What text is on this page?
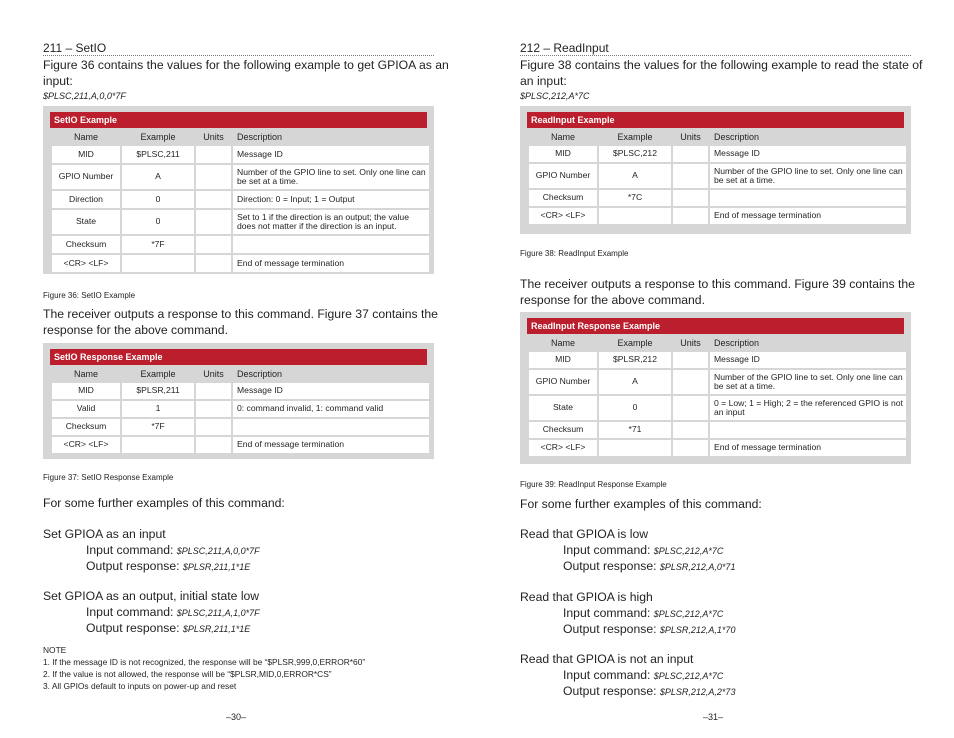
211 – SetIO
Figure 36 contains the values for the following example to get GPIOA as an
input:
$PLSC,211,A,0,0*7F
SetIO Example
Name	Example	Units	Description
MID	$PLSC,211		Message ID
GPIO Number	A		Number of the GPIO line to set. Only one line can be set at a time.
Direction	0		Direction: 0 = Input; 1 = Output
State	0		Set to 1 if the direction is an output; the value does not matter if the direction is an input.
Checksum	*7F		
<CR> <LF>			End of message termination
Figure 36: SetIO Example
The receiver outputs a response to this command. Figure 37 contains the
response for the above command.
SetIO Response Example
Name	Example	Units	Description
MID	$PLSR,211		Message ID
Valid	1		0: command invalid, 1: command valid
Checksum	*7F		
<CR> <LF>			End of message termination
Figure 37: SetIO Response Example
For some further examples of this command:
Set GPIOA as an input
Input command: $PLSC,211,A,0,0*7F
Output response: $PLSR,211,1*1E
Set GPIOA as an output, initial state low
Input command: $PLSC,211,A,1,0*7F
Output response: $PLSR,211,1*1E
NOTE
1. If the message ID is not recognized, the response will be “$PLSR,999,0,ERROR*60”
2. If the value is not allowed, the response will be “$PLSR,MID,0,ERROR*CS”
3. All GPIOs default to inputs on power-up and reset
–30–
212 – ReadInput
Figure 38 contains the values for the following example to read the state of
an input:
$PLSC,212,A*7C
ReadInput Example
Name	Example	Units	Description
MID	$PLSC,212		Message ID
GPIO Number	A		Number of the GPIO line to set. Only one line can be set at a time.
Checksum	*7C		
<CR> <LF>			End of message termination
Figure 38: ReadInput Example
The receiver outputs a response to this command. Figure 39 contains the
response for the above command.
ReadInput Response Example
Name	Example	Units	Description
MID	$PLSR,212		Message ID
GPIO Number	A		Number of the GPIO line to set. Only one line can be set at a time.
State	0		0 = Low; 1 = High; 2 = the referenced GPIO is not an input
Checksum	*71		
<CR> <LF>			End of message termination
Figure 39: ReadInput Response Example
For some further examples of this command:
Read that GPIOA is low
Input command: $PLSC,212,A*7C
Output response: $PLSR,212,A,0*71
Read that GPIOA is high
Input command: $PLSC,212,A*7C
Output response: $PLSR,212,A,1*70
Read that GPIOA is not an input
Input command: $PLSC,212,A*7C
Output response: $PLSR,212,A,2*73
–31–
